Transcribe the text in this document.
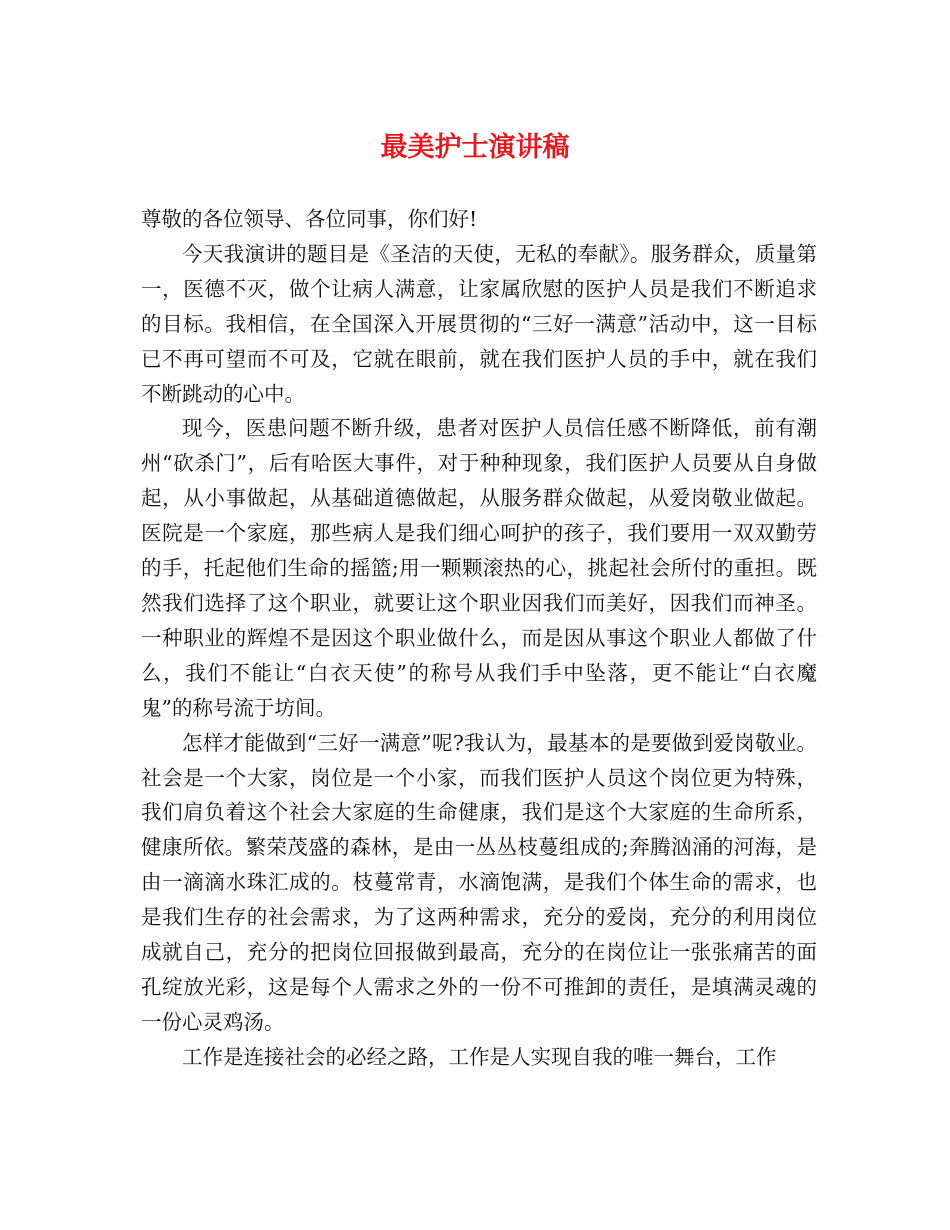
最美护士演讲稿

尊敬的各位领导、各位同事，你们好!

今天我演讲的题目是《圣洁的天使，无私的奉献》。服务群众，质量第一，医德不灭，做个让病人满意，让家属欣慰的医护人员是我们不断追求的目标。我相信，在全国深入开展贯彻的“三好一满意”活动中，这一目标已不再可望而不可及，它就在眼前，就在我们医护人员的手中，就在我们不断跳动的心中。

现今，医患问题不断升级，患者对医护人员信任感不断降低，前有潮州“砍杀门”，后有哈医大事件，对于种种现象，我们医护人员要从自身做起，从小事做起，从基础道德做起，从服务群众做起，从爱岗敬业做起。医院是一个家庭，那些病人是我们细心呵护的孩子，我们要用一双双勤劳的手，托起他们生命的摇篮;用一颗颗滚热的心，挑起社会所付的重担。既然我们选择了这个职业，就要让这个职业因我们而美好，因我们而神圣。一种职业的辉煌不是因这个职业做什么，而是因从事这个职业人都做了什么，我们不能让“白衣天使”的称号从我们手中坠落，更不能让“白衣魔鬼”的称号流于坊间。

怎样才能做到“三好一满意”呢?我认为，最基本的是要做到爱岗敬业。社会是一个大家，岗位是一个小家，而我们医护人员这个岗位更为特殊，我们肩负着这个社会大家庭的生命健康，我们是这个大家庭的生命所系，健康所依。繁荣茂盛的森林，是由一丛丛枝蔓组成的;奔腾汹涌的河海，是由一滴滴水珠汇成的。枝蔓常青，水滴饱满，是我们个体生命的需求，也是我们生存的社会需求，为了这两种需求，充分的爱岗，充分的利用岗位成就自己，充分的把岗位回报做到最高，充分的在岗位让一张张痛苦的面孔绽放光彩，这是每个人需求之外的一份不可推卸的责任，是填满灵魂的一份心灵鸡汤。

工作是连接社会的必经之路，工作是人实现自我的唯一舞台，工作
